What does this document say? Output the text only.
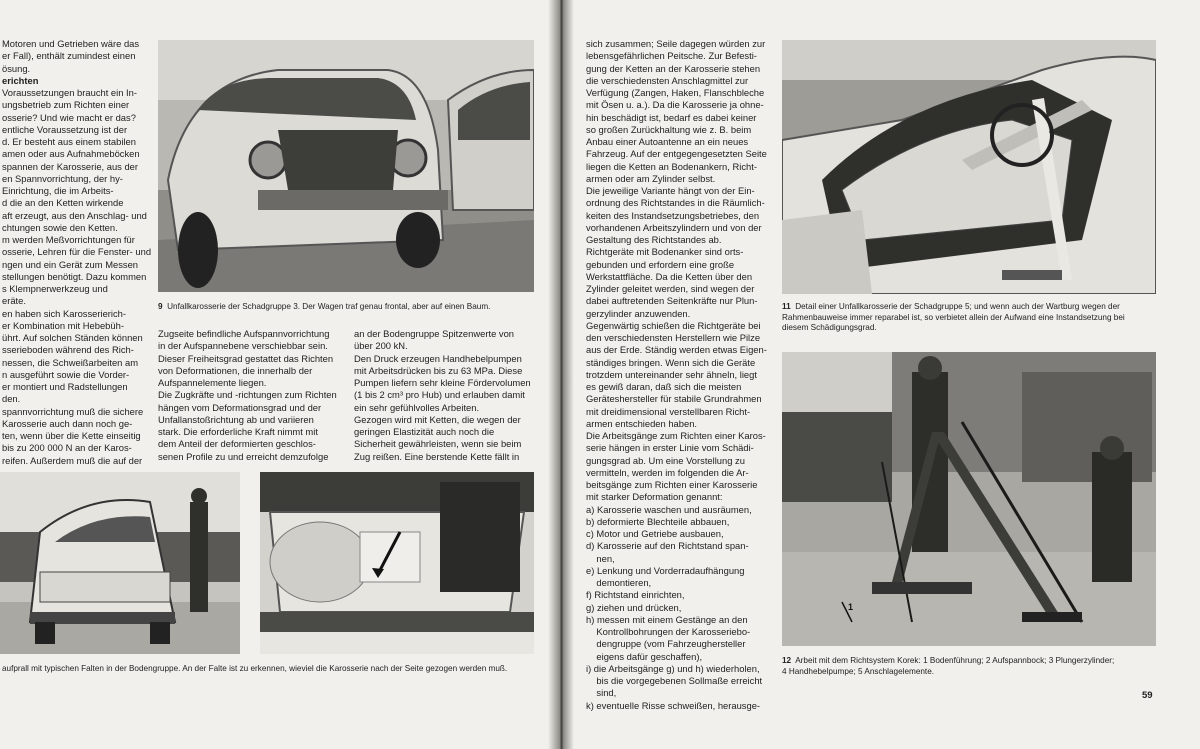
Motoren und Getrieben wäre das

er Fall), enthält zumindest einen

ösung.

erichten

Voraussetzungen braucht ein In-

ungsbetrieb zum Richten einer

osserie? Und wie macht er das?

entliche Voraussetzung ist der

d. Er besteht aus einem stabilen

amen oder aus Aufnahmeböcken

spannen der Karosserie, aus der

en Spannvorrichtung, der hy-

Einrichtung, die im Arbeits-

d die an den Ketten wirkende

aft erzeugt, aus den Anschlag- und

chtungen sowie den Ketten.

m werden Meßvorrichtungen für

osserie, Lehren für die Fenster- und

ngen und ein Gerät zum Messen

stellungen benötigt. Dazu kommen

s Klempnerwerkzeug und

eräte.

en haben sich Karosserierich-

er Kombination mit Hebebüh-

ührt. Auf solchen Ständen können

sserieboden während des Rich-

nessen, die Schweißarbeiten am

n ausgeführt sowie die Vorder-

er montiert und Radstellungen

den.

spannvorrichtung muß die sichere

Karosserie auch dann noch ge-

ten, wenn über die Kette einseitig

bis zu 200 000 N an der Karos-

reifen. Außerdem muß die auf der

9 Unfallkarosserie der Schadgruppe 3. Der Wagen traf genau frontal, aber auf einen Baum.

Zugseite befindliche Aufspannvorrichtung

in der Aufspannebene verschiebbar sein.

Dieser Freiheitsgrad gestattet das Richten

von Deformationen, die innerhalb der

Aufspannelemente liegen.

Die Zugkräfte und -richtungen zum Richten

hängen vom Deformationsgrad und der

Unfallanstoßrichtung ab und variieren

stark. Die erforderliche Kraft nimmt mit

dem Anteil der deformierten geschlos-

senen Profile zu und erreicht demzufolge

an der Bodengruppe Spitzenwerte von

über 200 kN.

Den Druck erzeugen Handhebelpumpen

mit Arbeitsdrücken bis zu 63 MPa. Diese

Pumpen liefern sehr kleine Fördervolumen

(1 bis 2 cm³ pro Hub) und erlauben damit

ein sehr gefühlvolles Arbeiten.

Gezogen wird mit Ketten, die wegen der

geringen Elastizität auch noch die

Sicherheit gewährleisten, wenn sie beim

Zug reißen. Eine berstende Kette fällt in

aufprall mit typischen Falten in der Bodengruppe. An der Falte ist zu erkennen, wieviel die Karosserie nach der Seite gezogen werden muß.

sich zusammen; Seile dagegen würden zur

lebensgefährlichen Peitsche. Zur Befesti-

gung der Ketten an der Karosserie stehen

die verschiedensten Anschlagmittel zur

Verfügung (Zangen, Haken, Flanschbleche

mit Ösen u. a.). Da die Karosserie ja ohne-

hin beschädigt ist, bedarf es dabei keiner

so großen Zurückhaltung wie z. B. beim

Anbau einer Autoantenne an ein neues

Fahrzeug. Auf der entgegengesetzten Seite

liegen die Ketten an Bodenankern, Richt-

armen oder am Zylinder selbst.

Die jeweilige Variante hängt von der Ein-

ordnung des Richtstandes in die Räumlich-

keiten des Instandsetzungsbetriebes, den

vorhandenen Arbeitszylindern und von der

Gestaltung des Richtstandes ab.

Richtgeräte mit Bodenanker sind orts-

gebunden und erfordern eine große

Werkstattfläche. Da die Ketten über den

Zylinder geleitet werden, sind wegen der

dabei auftretenden Seitenkräfte nur Plun-

gerzylinder anzuwenden.

Gegenwärtig schießen die Richtgeräte bei

den verschiedensten Herstellern wie Pilze

aus der Erde. Ständig werden etwas Eigen-

ständiges bringen. Wenn sich die Geräte

trotzdem untereinander sehr ähneln, liegt

es gewiß daran, daß sich die meisten

Geräteshersteller für stabile Grundrahmen

mit dreidimensional verstellbaren Richt-

armen entschieden haben.

Die Arbeitsgänge zum Richten einer Karos-

serie hängen in erster Linie vom Schädi-

gungsgrad ab. Um eine Vorstellung zu

vermitteln, werden im folgenden die Ar-

beitsgänge zum Richten einer Karosserie

mit starker Deformation genannt:

a) Karosserie waschen und ausräumen,

b) deformierte Blechteile abbauen,

c) Motor und Getriebe ausbauen,

d) Karosserie auf den Richtstand span-

nen,

e) Lenkung und Vorderradaufhängung

demontieren,

f) Richtstand einrichten,

g) ziehen und drücken,

h) messen mit einem Gestänge an den

Kontrollbohrungen der Karosseriebo-

dengruppe (vom Fahrzeughersteller

eigens dafür geschaffen),

i) die Arbeitsgänge g) und h) wiederholen,

bis die vorgegebenen Sollmaße erreicht

sind,

k) eventuelle Risse schweißen, herausge-

11 Detail einer Unfallkarosserie der Schadgruppe 5; und wenn auch der Wartburg wegen der
Rahmenbauweise immer reparabel ist, so verbietet allein der Aufwand eine Instandsetzung bei
diesem Schädigungsgrad.
1
12 Arbeit mit dem Richtsystem Korek: 1 Bodenführung; 2 Aufspannbock; 3 Plungerzylinder;
4 Handhebelpumpe; 5 Anschlagelemente.
59
